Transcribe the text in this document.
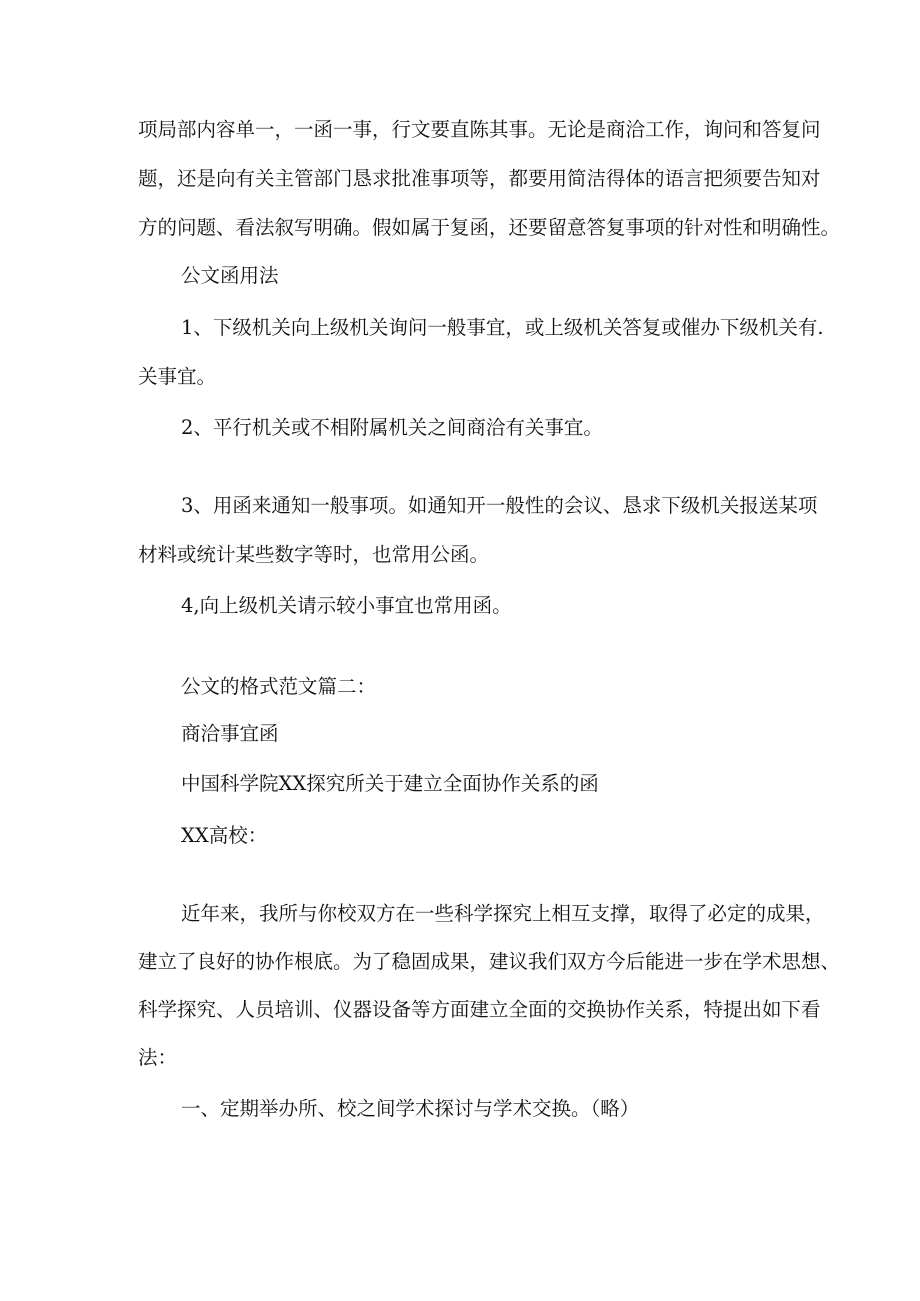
项局部内容单一，一函一事，行文要直陈其事。无论是商洽工作，询问和答复问
题，还是向有关主管部门恳求批准事项等，都要用简洁得体的语言把须要告知对
方的问题、看法叙写明确。假如属于复函，还要留意答复事项的针对性和明确性。
公文函用法
1、下级机关向上级机关询问一般事宜，或上级机关答复或催办下级机关有.
关事宜。
2、平行机关或不相附属机关之间商洽有关事宜。
3、用函来通知一般事项。如通知开一般性的会议、恳求下级机关报送某项
材料或统计某些数字等时，也常用公函。
4,向上级机关请示较小事宜也常用函。
公文的格式范文篇二：
商洽事宜函
中国科学院XX探究所关于建立全面协作关系的函
XX高校：
近年来，我所与你校双方在一些科学探究上相互支撑，取得了必定的成果，
建立了良好的协作根底。为了稳固成果，建议我们双方今后能进一步在学术思想、
科学探究、人员培训、仪器设备等方面建立全面的交换协作关系，特提出如下看
法：
一、定期举办所、校之间学术探讨与学术交换。（略）
